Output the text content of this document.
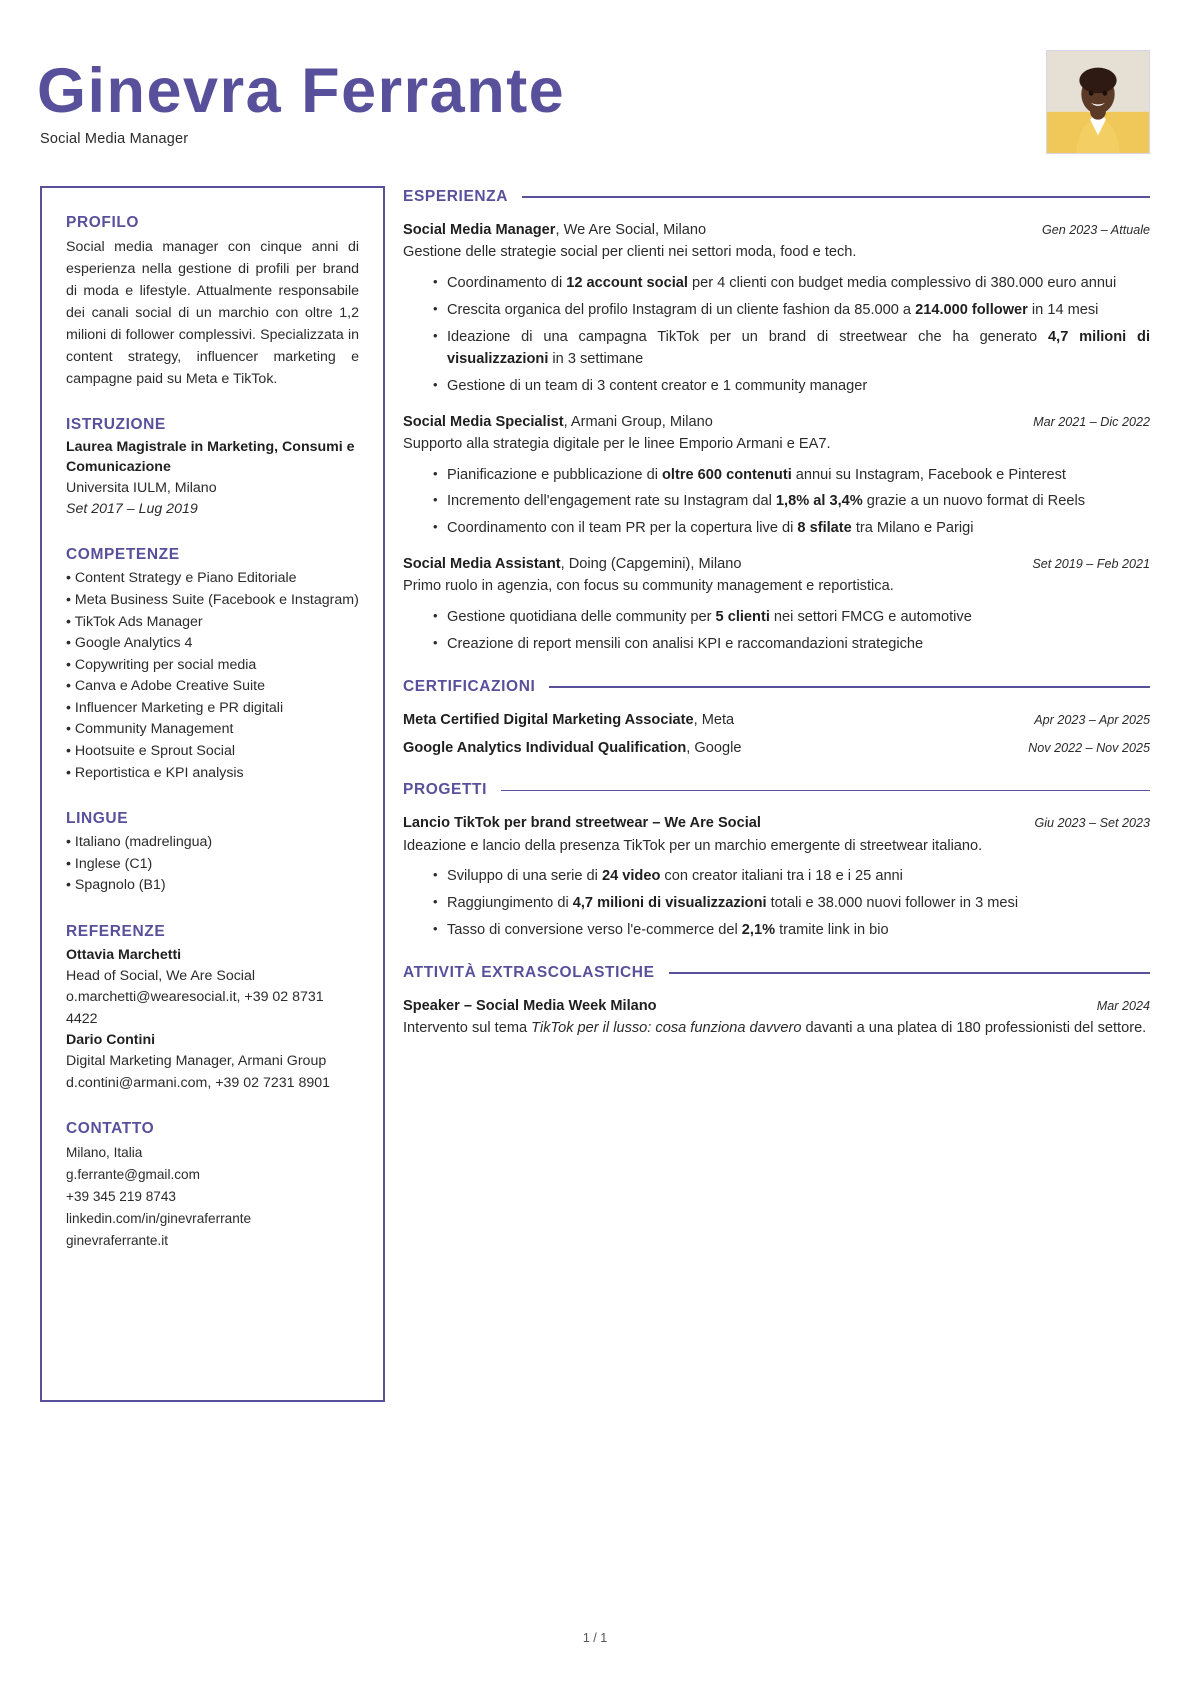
Ginevra Ferrante
Social Media Manager
PROFILO

Social media manager con cinque anni di esperienza nella gestione di profili per brand di moda e lifestyle. Attualmente responsabile dei canali social di un marchio con oltre 1,2 milioni di follower complessivi. Specializzata in content strategy, influencer marketing e campagne paid su Meta e TikTok.

ISTRUZIONE
Laurea Magistrale in Marketing, Consumi e Comunicazione
Universita IULM, Milano
Set 2017 – Lug 2019
COMPETENZE
• Content Strategy e Piano Editoriale
• Meta Business Suite (Facebook e Instagram)
• TikTok Ads Manager
• Google Analytics 4
• Copywriting per social media
• Canva e Adobe Creative Suite
• Influencer Marketing e PR digitali
• Community Management
• Hootsuite e Sprout Social
• Reportistica e KPI analysis
LINGUE
• Italiano (madrelingua)
• Inglese (C1)
• Spagnolo (B1)
REFERENZE
Ottavia Marchetti
Head of Social, We Are Social
o.marchetti@wearesocial.it, +39 02 8731 4422
Dario Contini
Digital Marketing Manager, Armani Group
d.contini@armani.com, +39 02 7231 8901
CONTATTO
Milano, Italia
g.ferrante@gmail.com
+39 345 219 8743
linkedin.com/in/ginevraferrante
ginevraferrante.it
ESPERIENZA
Social Media Manager, We Are Social, Milano	Gen 2023 – Attuale
Gestione delle strategie social per clienti nei settori moda, food e tech.
• Coordinamento di 12 account social per 4 clienti con budget media complessivo di 380.000 euro annui
• Crescita organica del profilo Instagram di un cliente fashion da 85.000 a 214.000 follower in 14 mesi
• Ideazione di una campagna TikTok per un brand di streetwear che ha generato 4,7 milioni di visualizzazioni in 3 settimane
• Gestione di un team di 3 content creator e 1 community manager
Social Media Specialist, Armani Group, Milano	Mar 2021 – Dic 2022
Supporto alla strategia digitale per le linee Emporio Armani e EA7.
• Pianificazione e pubblicazione di oltre 600 contenuti annui su Instagram, Facebook e Pinterest
• Incremento dell'engagement rate su Instagram dal 1,8% al 3,4% grazie a un nuovo format di Reels
• Coordinamento con il team PR per la copertura live di 8 sfilate tra Milano e Parigi
Social Media Assistant, Doing (Capgemini), Milano	Set 2019 – Feb 2021
Primo ruolo in agenzia, con focus su community management e reportistica.
• Gestione quotidiana delle community per 5 clienti nei settori FMCG e automotive
• Creazione di report mensili con analisi KPI e raccomandazioni strategiche
CERTIFICAZIONI
Meta Certified Digital Marketing Associate, Meta	Apr 2023 – Apr 2025
Google Analytics Individual Qualification, Google	Nov 2022 – Nov 2025
PROGETTI
Lancio TikTok per brand streetwear – We Are Social	Giu 2023 – Set 2023
Ideazione e lancio della presenza TikTok per un marchio emergente di streetwear italiano.
• Sviluppo di una serie di 24 video con creator italiani tra i 18 e i 25 anni
• Raggiungimento di 4,7 milioni di visualizzazioni totali e 38.000 nuovi follower in 3 mesi
• Tasso di conversione verso l'e-commerce del 2,1% tramite link in bio
ATTIVITÀ EXTRASCOLASTICHE
Speaker – Social Media Week Milano	Mar 2024
Intervento sul tema TikTok per il lusso: cosa funziona davvero davanti a una platea di 180 professionisti del settore.
1 / 1
